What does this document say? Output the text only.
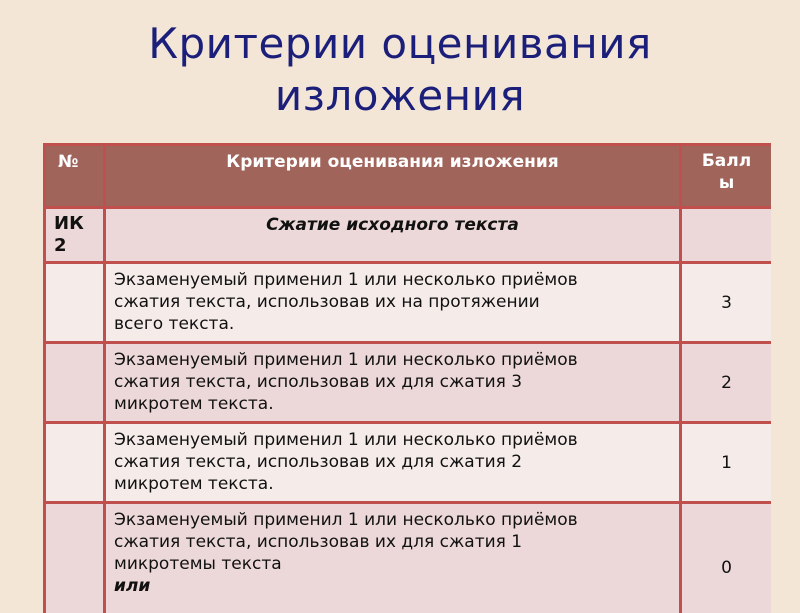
Критерии оценивания
изложения
№	Критерии оценивания изложения	Балл
ы

ИК
2	Сжатие исходного текста	

	Экзаменуемый применил 1 или несколько приёмов
сжатия текста, использовав их на протяжении
всего текста.	3

	Экзаменуемый применил 1 или несколько приёмов
сжатия текста, использовав их для сжатия 3
микротем текста.	2

	Экзаменуемый применил 1 или несколько приёмов
сжатия текста, использовав их для сжатия 2
микротем текста.	1

	Экзаменуемый применил 1 или несколько приёмов
сжатия текста, использовав их для сжатия 1
микротемы текста
или	0
